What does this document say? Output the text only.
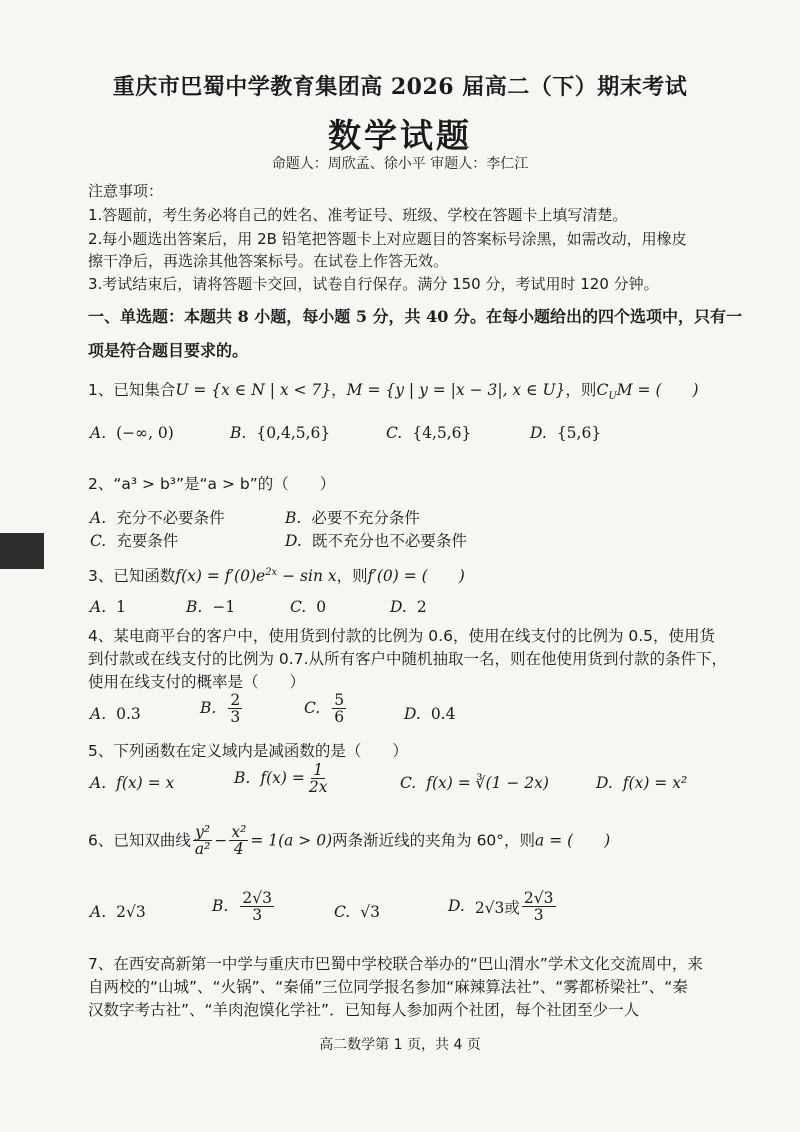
重庆市巴蜀中学教育集团高 2026 届高二（下）期末考试
数学试题
命题人：周欣孟、徐小平 审题人：李仁江
注意事项：
1.答题前，考生务必将自己的姓名、准考证号、班级、学校在答题卡上填写清楚。
2.每小题选出答案后，用 2B 铅笔把答题卡上对应题目的答案标号涂黑，如需改动，用橡皮
擦干净后，再选涂其他答案标号。在试卷上作答无效。
3.考试结束后，请将答题卡交回，试卷自行保存。满分 150 分，考试用时 120 分钟。
一、单选题：本题共 8 小题，每小题 5 分，共 40 分。在每小题给出的四个选项中，只有一
项是符合题目要求的。
1、已知集合U = {x ∈ N | x < 7}，M = {y | y = |x − 3|, x ∈ U}，则$C_UM$ = (　　)
A. (−∞, 0)	B. {0,4,5,6}	C. {4,5,6}	D. {5,6}
2、“a³ > b³”是“a > b”的（　　）
A. 充分不必要条件	B. 必要不充分条件
C. 充要条件	D. 既不充分也不必要条件
3、已知函数$f(x) = f'(0)e^{2x} - \sin x$，则f′(0) = (　　)
A. 1	B. −1	C. 0	D. 2
4、某电商平台的客户中，使用货到付款的比例为 0.6，使用在线支付的比例为 0.5，使用货
到付款或在线支付的比例为 0.7.从所有客户中随机抽取一名，则在他使用货到付款的条件下，
使用在线支付的概率是（　　）
A. 0.3	B. $\frac{2}{3}$	C. $\frac{5}{6}$	D. 0.4
5、下列函数在定义域内是减函数的是（　　）
A. f(x) = x	B. $f(x) = \frac{1}{2x}$	C. f(x) = ∛(1 − 2x)	D. f(x) = x²
6、已知双曲线 $\frac{\text{y²}}{\text{a²}} - \frac{\text{x²}}{4} = 1(a > 0)$两条渐近线的夹角为 60°，则a = (　　)
A. 2√3	B. $\frac{2√3}{3}$	C. √3	D. 2√3或 $\frac{2√3}{3}$
7、在西安高新第一中学与重庆市巴蜀中学校联合举办的“巴山渭水”学术文化交流周中，来
自两校的“山城”、“火锅”、“秦俑”三位同学报名参加“麻辣算法社”、“雾都桥梁社”、“秦
汉数字考古社”、“羊肉泡馍化学社”．已知每人参加两个社团，每个社团至少一人
高二数学第 1 页，共 4 页
